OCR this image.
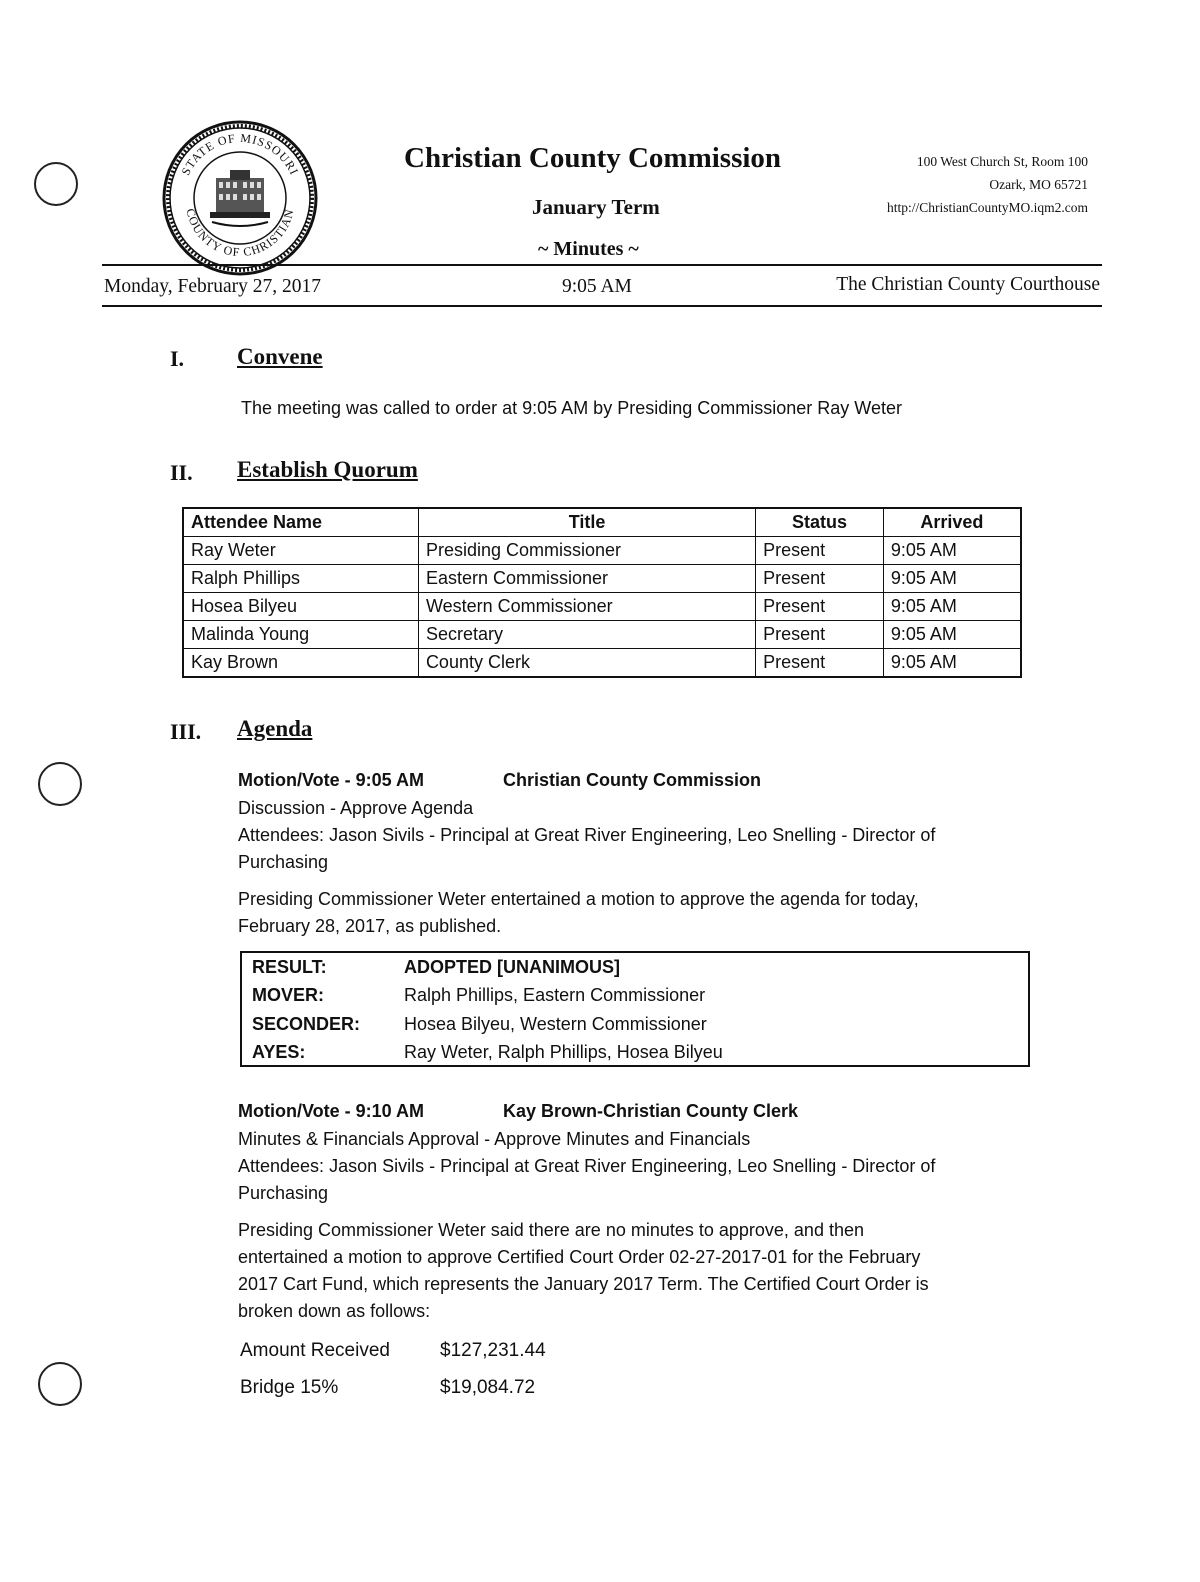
STATE OF MISSOURI
COUNTY OF CHRISTIAN
Christian County Commission
January Term
~ Minutes ~
100 West Church St, Room 100
Ozark, MO 65721
http://ChristianCountyMO.iqm2.com
Monday, February 27, 2017	9:05 AM	The Christian County Courthouse
I. Convene
The meeting was called to order at 9:05 AM by Presiding Commissioner Ray Weter
II. Establish Quorum
Attendee Name	Title	Status	Arrived
Ray Weter	Presiding Commissioner	Present	9:05 AM
Ralph Phillips	Eastern Commissioner	Present	9:05 AM
Hosea Bilyeu	Western Commissioner	Present	9:05 AM
Malinda Young	Secretary	Present	9:05 AM
Kay Brown	County Clerk	Present	9:05 AM
III. Agenda
Motion/Vote - 9:05 AM	Christian County Commission
Discussion - Approve Agenda
Attendees: Jason Sivils - Principal at Great River Engineering, Leo Snelling - Director of
Purchasing
Presiding Commissioner Weter entertained a motion to approve the agenda for today,
February 28, 2017, as published.
RESULT:	ADOPTED [UNANIMOUS]
MOVER:	Ralph Phillips, Eastern Commissioner
SECONDER: Hosea Bilyeu, Western Commissioner
AYES:	Ray Weter, Ralph Phillips, Hosea Bilyeu
Motion/Vote - 9:10 AM	Kay Brown-Christian County Clerk
Minutes & Financials Approval - Approve Minutes and Financials
Attendees: Jason Sivils - Principal at Great River Engineering, Leo Snelling - Director of
Purchasing
Presiding Commissioner Weter said there are no minutes to approve, and then
entertained a motion to approve Certified Court Order 02-27-2017-01 for the February
2017 Cart Fund, which represents the January 2017 Term. The Certified Court Order is
broken down as follows:
Amount Received	$127,231.44
Bridge 15%	$19,084.72
